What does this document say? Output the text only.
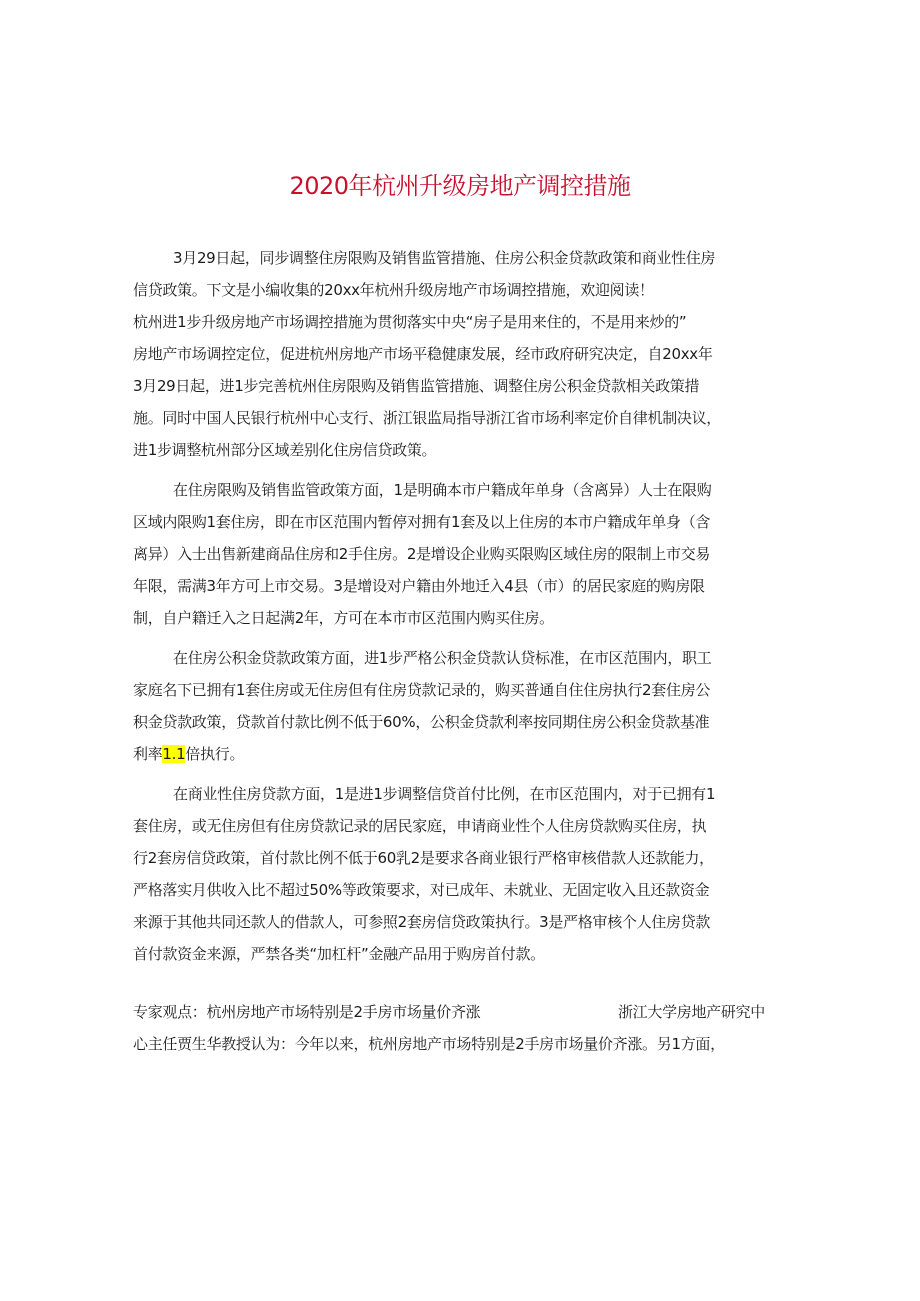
2020年杭州升级房地产调控措施
3月29日起，同步调整住房限购及销售监管措施、住房公积金贷款政策和商业性住房
信贷政策。下文是小编收集的20xx年杭州升级房地产市场调控措施，欢迎阅读！
杭州进1步升级房地产市场调控措施为贯彻落实中央“房子是用来住的，不是用来炒的”
房地产市场调控定位，促进杭州房地产市场平稳健康发展，经市政府研究决定，自20xx年
3月29日起，进1步完善杭州住房限购及销售监管措施、调整住房公积金贷款相关政策措
施。同时中国人民银行杭州中心支行、浙江银监局指导浙江省市场利率定价自律机制决议，
进1步调整杭州部分区域差别化住房信贷政策。
在住房限购及销售监管政策方面，1是明确本市户籍成年单身（含离异）人士在限购
区域内限购1套住房，即在市区范围内暂停对拥有1套及以上住房的本市户籍成年单身（含
离异）入士出售新建商品住房和2手住房。2是增设企业购买限购区域住房的限制上市交易
年限，需满3年方可上市交易。3是增设对户籍由外地迁入4县（市）的居民家庭的购房限
制，自户籍迁入之日起满2年，方可在本市市区范围内购买住房。
在住房公积金贷款政策方面，进1步严格公积金贷款认贷标准，在市区范围内，职工
家庭名下已拥有1套住房或无住房但有住房贷款记录的，购买普通自住住房执行2套住房公
积金贷款政策，贷款首付款比例不低于60%，公积金贷款利率按同期住房公积金贷款基准
利率1.1倍执行。
在商业性住房贷款方面，1是进1步调整信贷首付比例，在市区范围内，对于已拥有1
套住房，或无住房但有住房贷款记录的居民家庭，申请商业性个人住房贷款购买住房，执
行2套房信贷政策，首付款比例不低于60乳2是要求各商业银行严格审核借款人还款能力，
严格落实月供收入比不超过50%等政策要求，对已成年、未就业、无固定收入且还款资金
来源于其他共同还款人的借款人，可参照2套房信贷政策执行。3是严格审核个人住房贷款
首付款资金来源，严禁各类“加杠杆”金融产品用于购房首付款。
专家观点：杭州房地产市场特别是2手房市场量价齐涨	浙江大学房地产研究中
心主任贾生华教授认为：今年以来，杭州房地产市场特别是2手房市场量价齐涨。另1方面，
